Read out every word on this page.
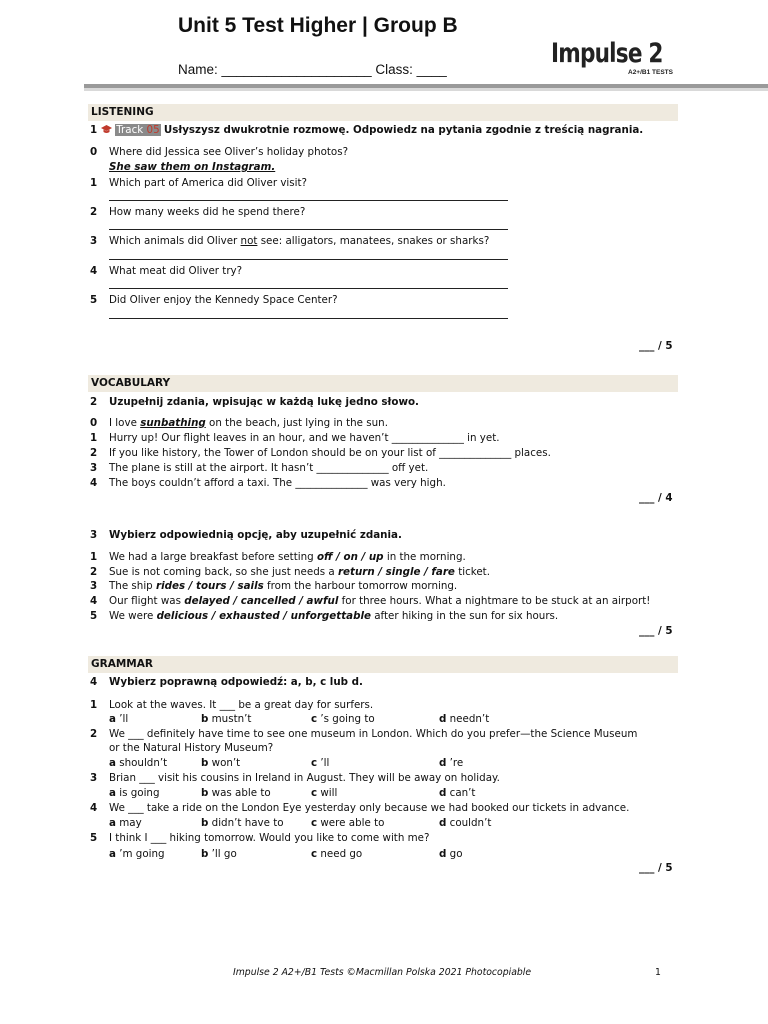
Unit 5 Test Higher | Group B
Name: ____________________ Class: ____
Impulse 2
A2+/B1 TESTS
LISTENING
1	Track 05 Usłyszysz dwukrotnie rozmowę. Odpowiedz na pytania zgodnie z treścią nagrania.
0 Where did Jessica see Oliver’s holiday photos?
She saw them on Instagram.
1 Which part of America did Oliver visit?
2 How many weeks did he spend there?
3 Which animals did Oliver not see: alligators, manatees, snakes or sharks?
4 What meat did Oliver try?
5 Did Oliver enjoy the Kennedy Space Center?
___ / 5
VOCABULARY
2 Uzupełnij zdania, wpisując w każdą lukę jedno słowo.
0 I love sunbathing on the beach, just lying in the sun.
1 Hurry up! Our flight leaves in an hour, and we haven’t ______________ in yet.
2 If you like history, the Tower of London should be on your list of ______________ places.
3 The plane is still at the airport. It hasn’t ______________ off yet.
4 The boys couldn’t afford a taxi. The ______________ was very high.
___ / 4
3 Wybierz odpowiednią opcję, aby uzupełnić zdania.
1 We had a large breakfast before setting off / on / up in the morning.
2 Sue is not coming back, so she just needs a return / single / fare ticket.
3 The ship rides / tours / sails from the harbour tomorrow morning.
4 Our flight was delayed / cancelled / awful for three hours. What a nightmare to be stuck at an airport!
5 We were delicious / exhausted / unforgettable after hiking in the sun for six hours.
___ / 5
GRAMMAR
4 Wybierz poprawną odpowiedź: a, b, c lub d.
1 Look at the waves. It ___ be a great day for surfers.
a ’ll	b mustn’t	c ’s going to	d needn’t
2 We ___ definitely have time to see one museum in London. Which do you prefer—the Science Museum
or the Natural History Museum?
a shouldn’t	b won’t	c ’ll	d ’re
3 Brian ___ visit his cousins in Ireland in August. They will be away on holiday.
a is going	b was able to	c will	d can’t
4 We ___ take a ride on the London Eye yesterday only because we had booked our tickets in advance.
a may	b didn’t have to	c were able to	d couldn’t
5 I think I ___ hiking tomorrow. Would you like to come with me?
a ’m going	b ’ll go	c need go	d go
___ / 5
Impulse 2 A2+/B1 Tests ©Macmillan Polska 2021 Photocopiable	1
